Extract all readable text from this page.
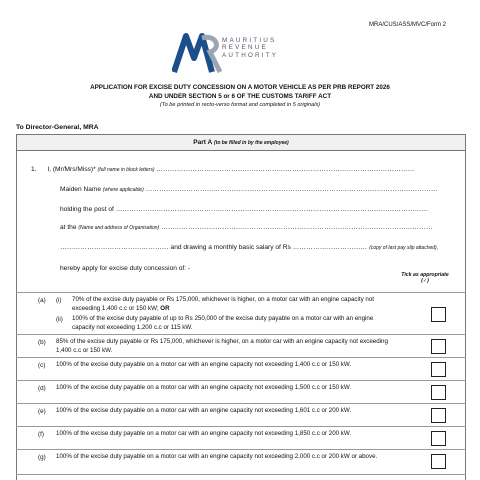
MRA/CUS/ASS/MVC/Form 2
MAURITIUS
REVENUE
AUTHORITY
APPLICATION FOR EXCISE DUTY CONCESSION ON A MOTOR VEHICLE AS PER PRB REPORT 2026
AND UNDER SECTION 5 or 6 OF THE CUSTOMS TARIFF ACT
(To be printed in recto-verso format and completed in 5 originals)
To Director-General, MRA
Part A (to be filled in by the employee)
1. I, (Mr/Mrs/Miss)* (full name in block letters) ……………………………………………………………………………………………………
Maiden Name (where applicable) …………………………………………………………………………………………………………………
holding the post of …………………………………………………………………………………………………………………………
at the (Name and address of Organisation) …………………………………………………………………………………………………………
………………………………………… and drawing a monthly basic salary of Rs …………………………… (copy of last pay slip attached),
hereby apply for excise duty concession of: -
Tick as appropriate (✓)
(a) (i) 70% of the excise duty payable or Rs 175,000, whichever is higher, on a motor car with an engine capacity not exceeding 1,400 c.c or 150 kW; OR
(ii) 100% of the excise duty payable of up to Rs 250,000 of the excise duty payable on a motor car with an engine capacity not exceeding 1,200 c.c or 115 kW.
(b) 85% of the excise duty payable or Rs 175,000, whichever is higher, on a motor car with an engine capacity not exceeding 1,400 c.c or 150 kW.
(c) 100% of the excise duty payable on a motor car with an engine capacity not exceeding 1,400 c.c or 150 kW.
(d) 100% of the excise duty payable on a motor car with an engine capacity not exceeding 1,500 c.c or 150 kW.
(e) 100% of the excise duty payable on a motor car with an engine capacity not exceeding 1,601 c.c or 200 kW.
(f) 100% of the excise duty payable on a motor car with an engine capacity not exceeding 1,850 c.c or 200 kW.
(g) 100% of the excise duty payable on a motor car with an engine capacity not exceeding 2,000 c.c or 200 kW or above.
